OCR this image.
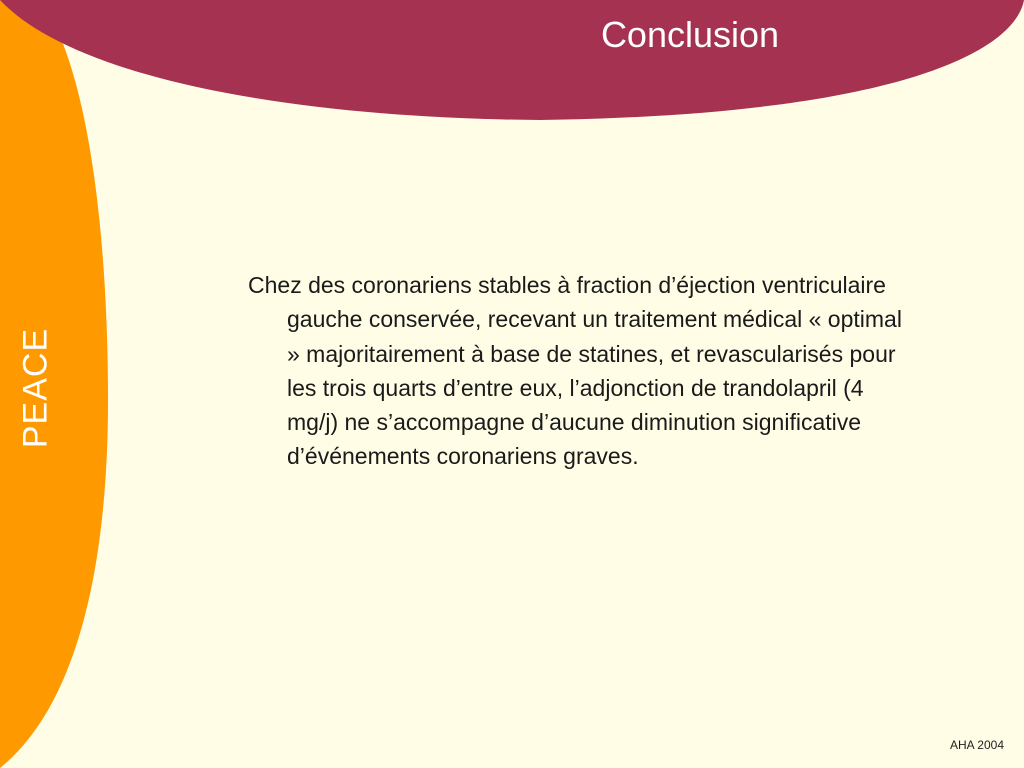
Conclusion
PEACE
Chez des coronariens stables à fraction d’éjection ventriculaire gauche conservée, recevant un traitement médical « optimal » majoritairement à base de statines, et revascularisés pour les trois quarts d’entre eux, l’adjonction de trandolapril (4 mg/j) ne s’accompagne d’aucune diminution significative d’événements coronariens graves.
AHA 2004
